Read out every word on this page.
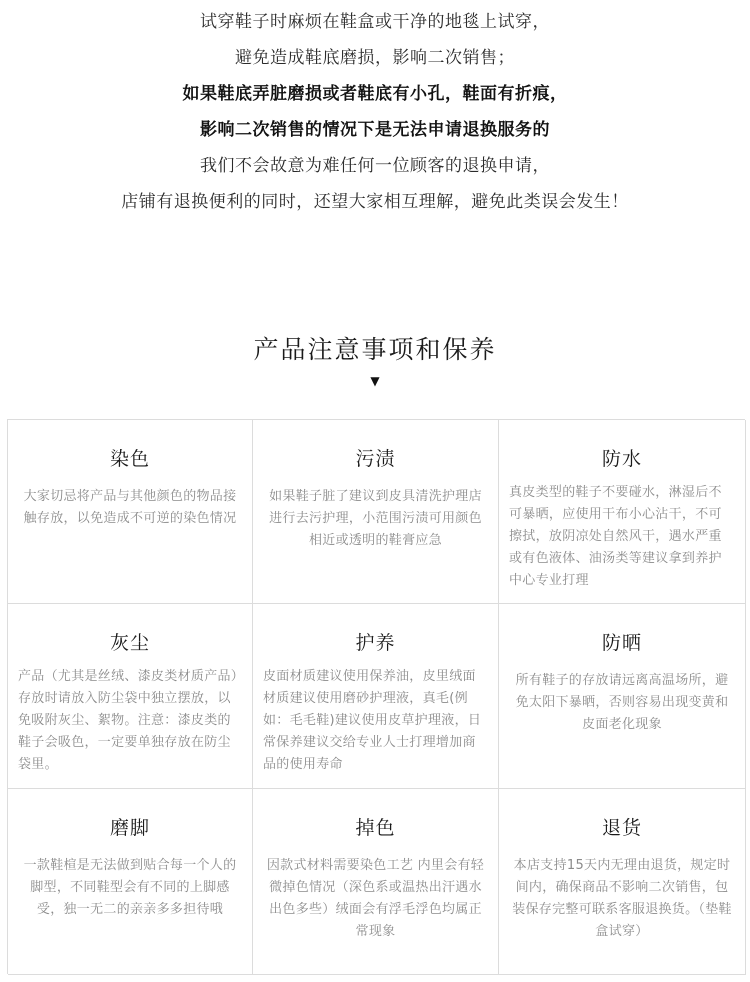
试穿鞋子时麻烦在鞋盒或干净的地毯上试穿，
避免造成鞋底磨损，影响二次销售；
如果鞋底弄脏磨损或者鞋底有小孔，鞋面有折痕，
影响二次销售的情况下是无法申请退换服务的
我们不会故意为难任何一位顾客的退换申请，
店铺有退换便利的同时，还望大家相互理解，避免此类误会发生！
产品注意事项和保养
▼
染色
大家切忌将产品与其他颜色的物品接触存放，以免造成不可逆的染色情况
污渍
如果鞋子脏了建议到皮具清洗护理店进行去污护理，小范围污渍可用颜色相近或透明的鞋膏应急
防水
真皮类型的鞋子不要碰水，淋湿后不可暴晒，应使用干布小心沾干，不可擦拭，放阴凉处自然风干，遇水严重或有色液体、油汤类等建议拿到养护中心专业打理
灰尘
产品（尤其是丝绒、漆皮类材质产品）存放时请放入防尘袋中独立摆放，以免吸附灰尘、絮物。注意：漆皮类的鞋子会吸色，一定要单独存放在防尘袋里。
护养
皮面材质建议使用保养油，皮里绒面材质建议使用磨砂护理液，真毛(例如：毛毛鞋)建议使用皮草护理液，日常保养建议交给专业人士打理增加商品的使用寿命
防晒
所有鞋子的存放请远离高温场所，避免太阳下暴晒，否则容易出现变黄和皮面老化现象
磨脚
一款鞋楦是无法做到贴合每一个人的脚型，不同鞋型会有不同的上脚感受，独一无二的亲亲多多担待哦
掉色
因款式材料需要染色工艺 内里会有轻微掉色情况（深色系或温热出汗遇水出色多些）绒面会有浮毛浮色均属正常现象
退货
本店支持15天内无理由退货，规定时间内，确保商品不影响二次销售，包装保存完整可联系客服退换货。（垫鞋盒试穿）
